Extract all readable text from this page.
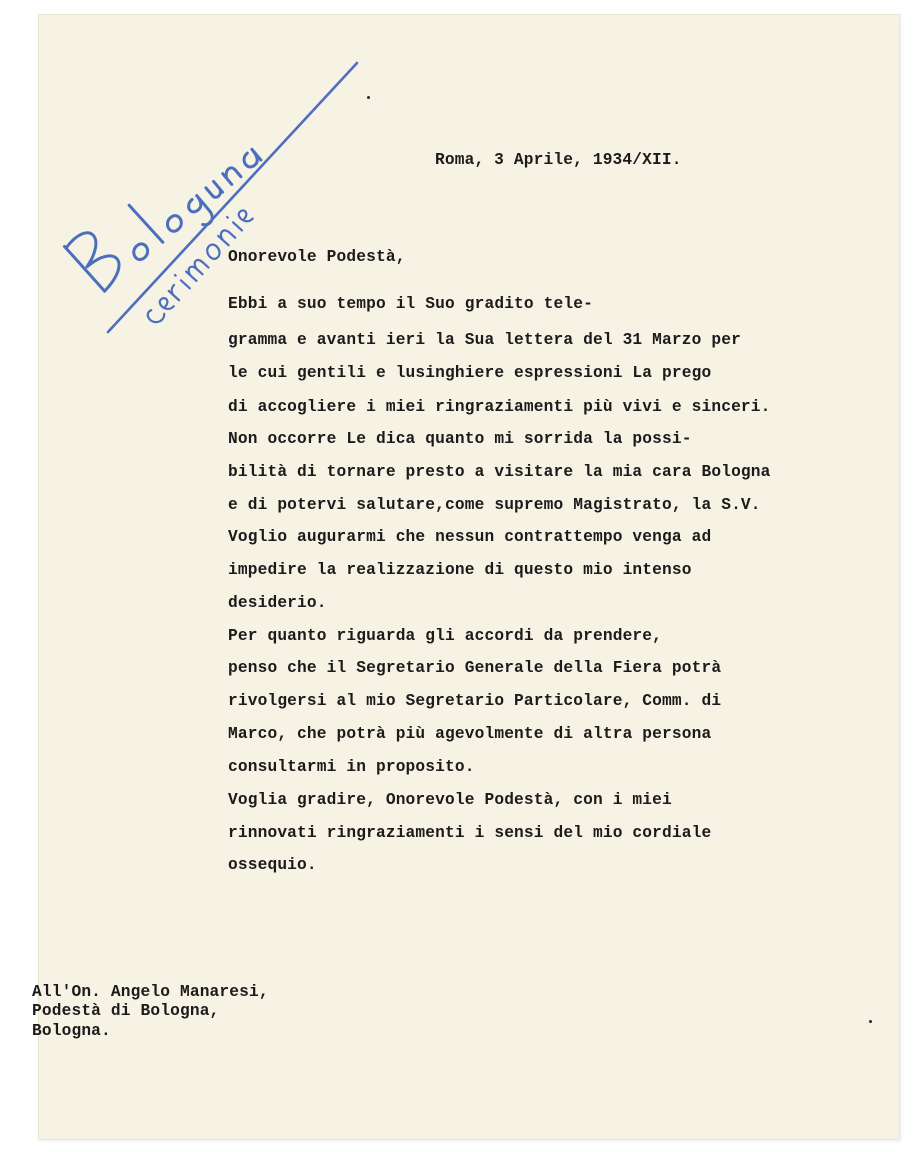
Roma, 3 Aprile, 1934/XII.
Onorevole Podestà,
Ebbi a suo tempo il Suo gradito tele-
gramma e avanti ieri la Sua lettera del 31 Marzo per
le cui gentili e lusinghiere espressioni La prego
di accogliere i miei ringraziamenti più vivi e sinceri.
Non occorre Le dica quanto mi sorrida la possi-
bilità di tornare presto a visitare la mia cara Bologna
e di potervi salutare,come supremo Magistrato, la S.V.
Voglio augurarmi che nessun contrattempo venga ad
impedire la realizzazione di questo mio intenso
desiderio.
Per quanto riguarda gli accordi da prendere,
penso che il Segretario Generale della Fiera potrà
rivolgersi al mio Segretario Particolare, Comm. di
Marco, che potrà più agevolmente di altra persona
consultarmi in proposito.
Voglia gradire, Onorevole Podestà, con i miei
rinnovati ringraziamenti i sensi del mio cordiale
ossequio.
All'On. Angelo Manaresi,
Podestà di Bologna,
Bologna.
